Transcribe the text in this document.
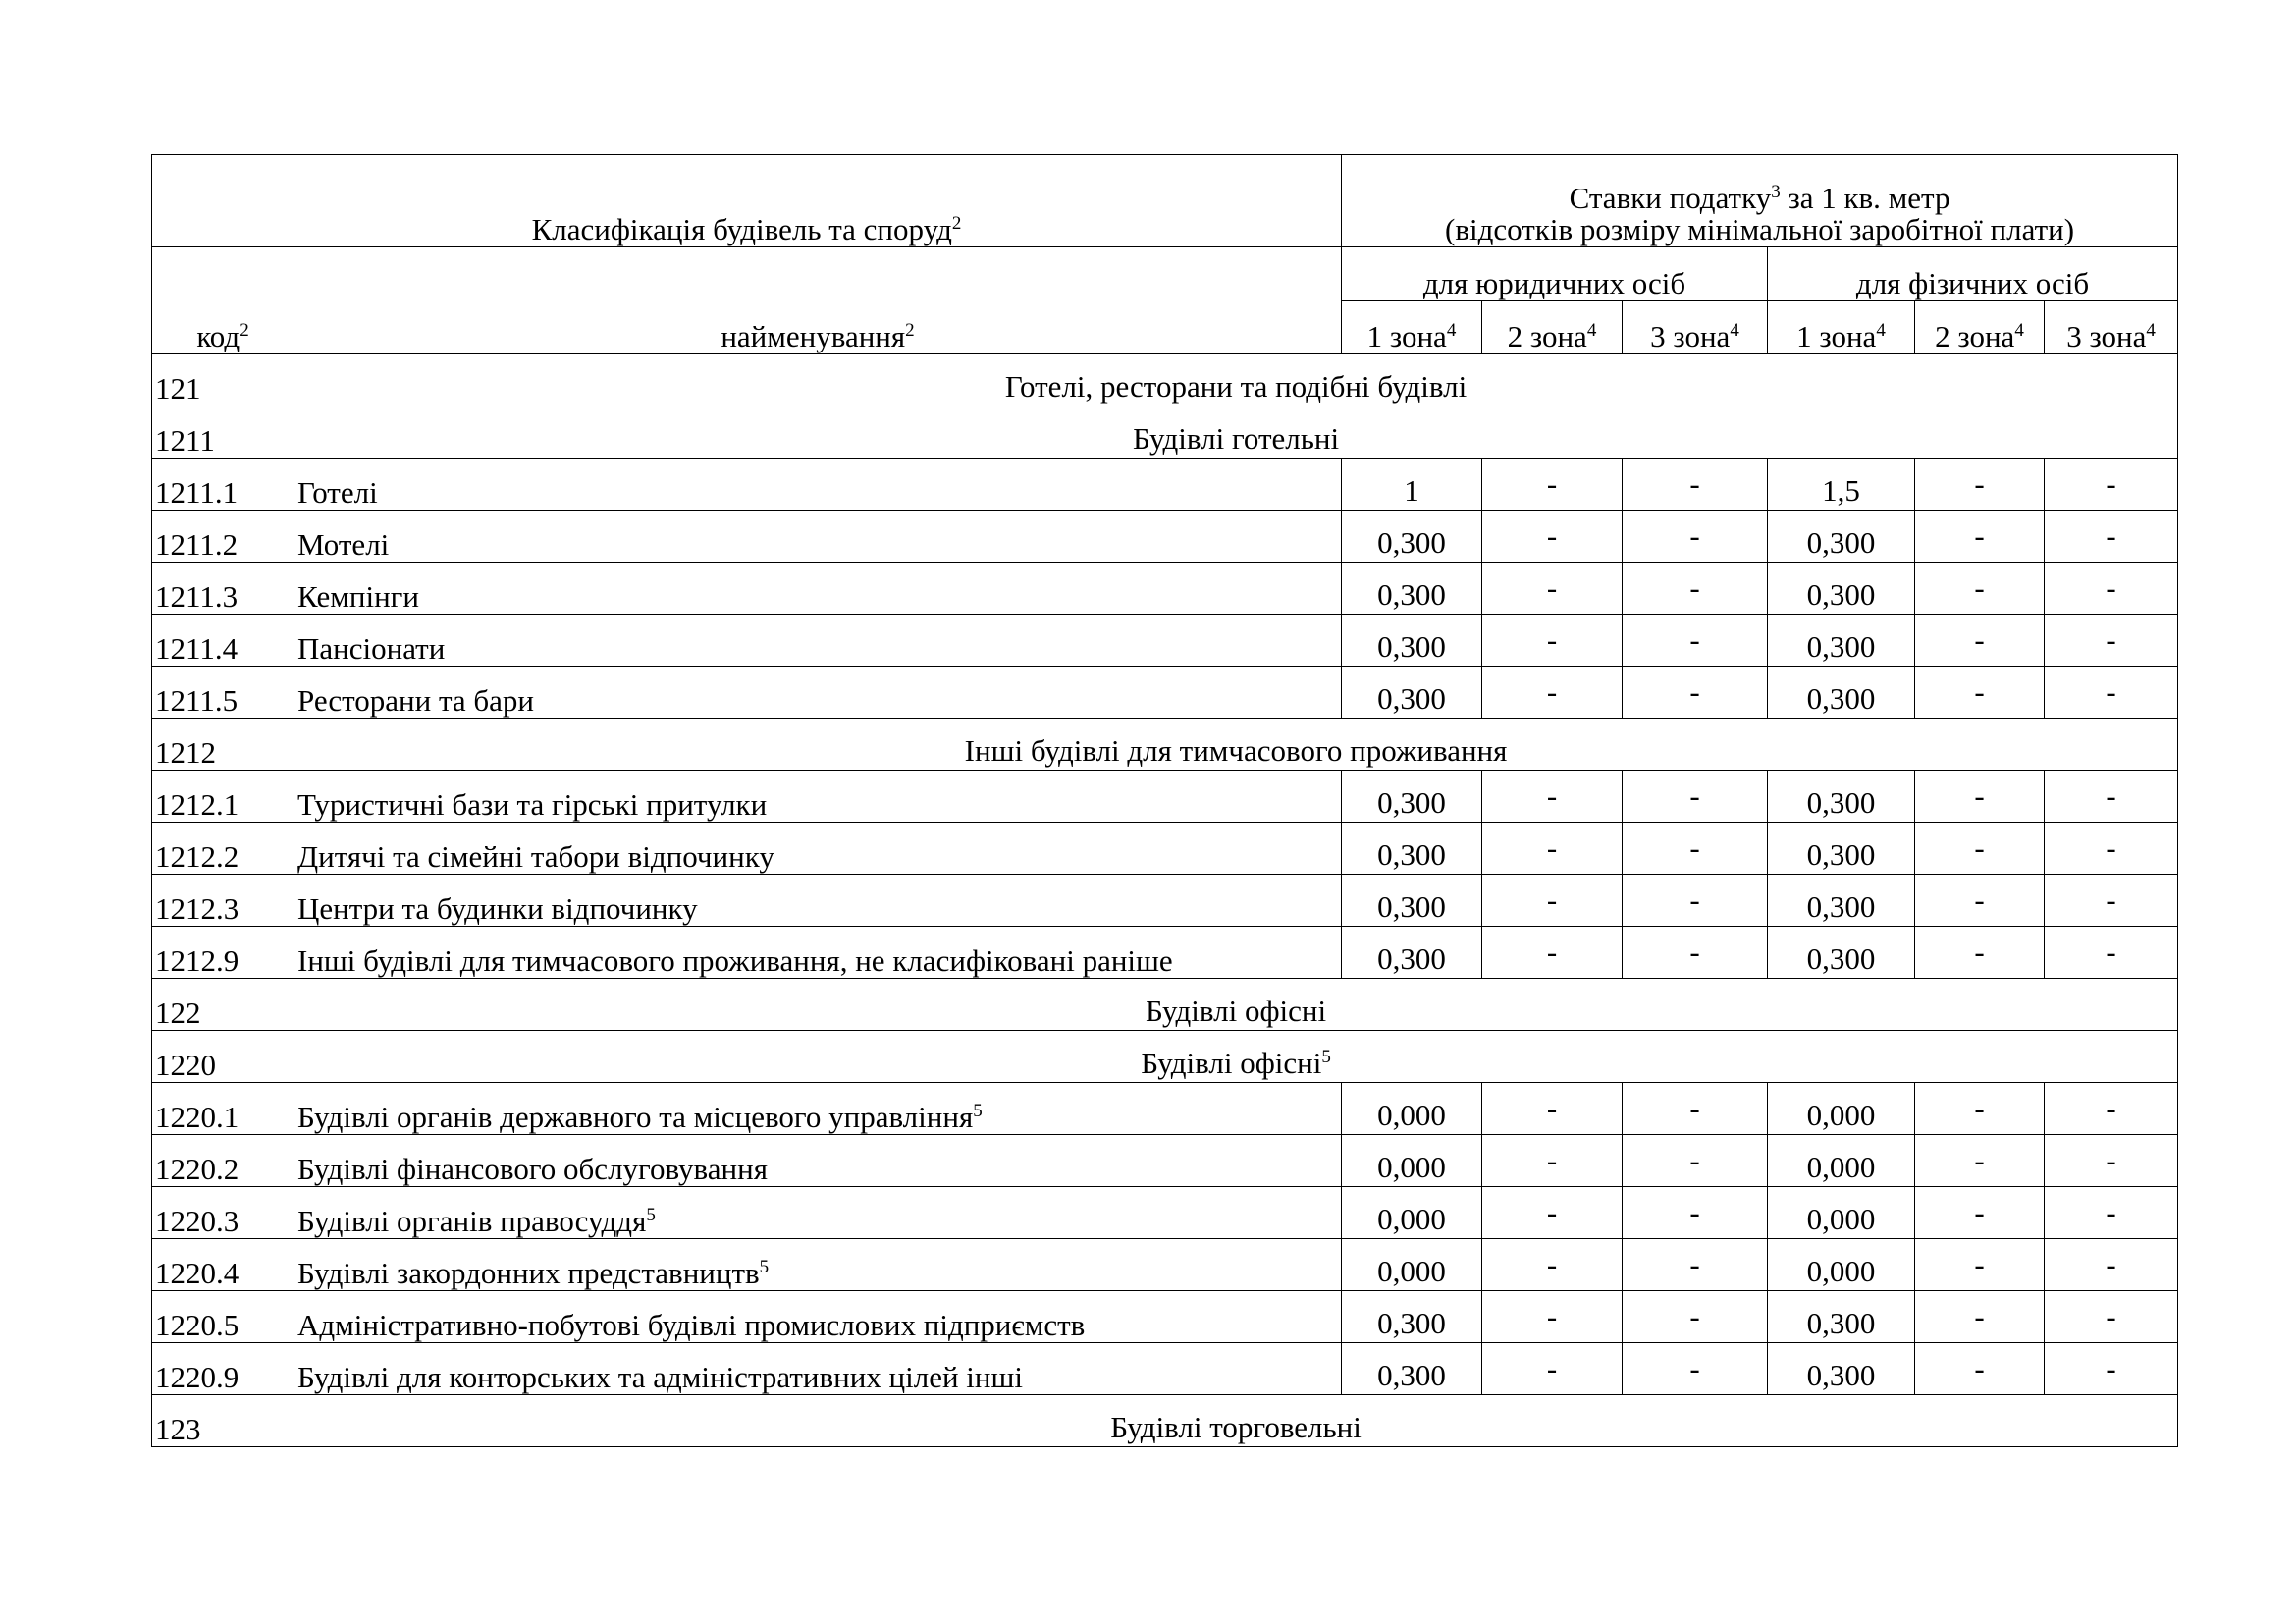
Класифікація будівель та споруд$^2$		Ставки податку$^3$ за 1 кв. метр
(відсотків розміру мінімальної заробітної плати)					
код$^2$	найменування$^2$	для юридичних осіб			для фізичних осіб		
		1 зона$^4$	2 зона$^4$	3 зона$^4$	1 зона$^4$	2 зона$^4$	3 зона$^4$
121	Готелі, ресторани та подібні будівлі						
1211	Будівлі готельні						
1211.1	Готелі	1	-	-	1,5	-	-
1211.2	Мотелі	0,300	-	-	0,300	-	-
1211.3	Кемпінги	0,300	-	-	0,300	-	-
1211.4	Пансіонати	0,300	-	-	0,300	-	-
1211.5	Ресторани та бари	0,300	-	-	0,300	-	-
1212	Інші будівлі для тимчасового проживання						
1212.1	Туристичні бази та гірські притулки	0,300	-	-	0,300	-	-
1212.2	Дитячі та сімейні табори відпочинку	0,300	-	-	0,300	-	-
1212.3	Центри та будинки відпочинку	0,300	-	-	0,300	-	-
1212.9	Інші будівлі для тимчасового проживання, не класифіковані раніше	0,300	-	-	0,300	-	-
122	Будівлі офісні						
1220	Будівлі офісні$^5$
1220.1	Будівлі органів державного та місцевого управління$^5$	0,000	-	-	0,000	-	-
1220.2	Будівлі фінансового обслуговування	0,000	-	-	0,000	-	-
1220.3	Будівлі органів правосуддя$^5$	0,000	-	-	0,000	-	-
1220.4	Будівлі закордонних представництв$^5$	0,000	-	-	0,000	-	-
1220.5	Адміністративно-побутові будівлі промислових підприємств	0,300	-	-	0,300	-	-
1220.9	Будівлі для конторських та адміністративних цілей інші	0,300	-	-	0,300	-	-
123	Будівлі торговельні						
